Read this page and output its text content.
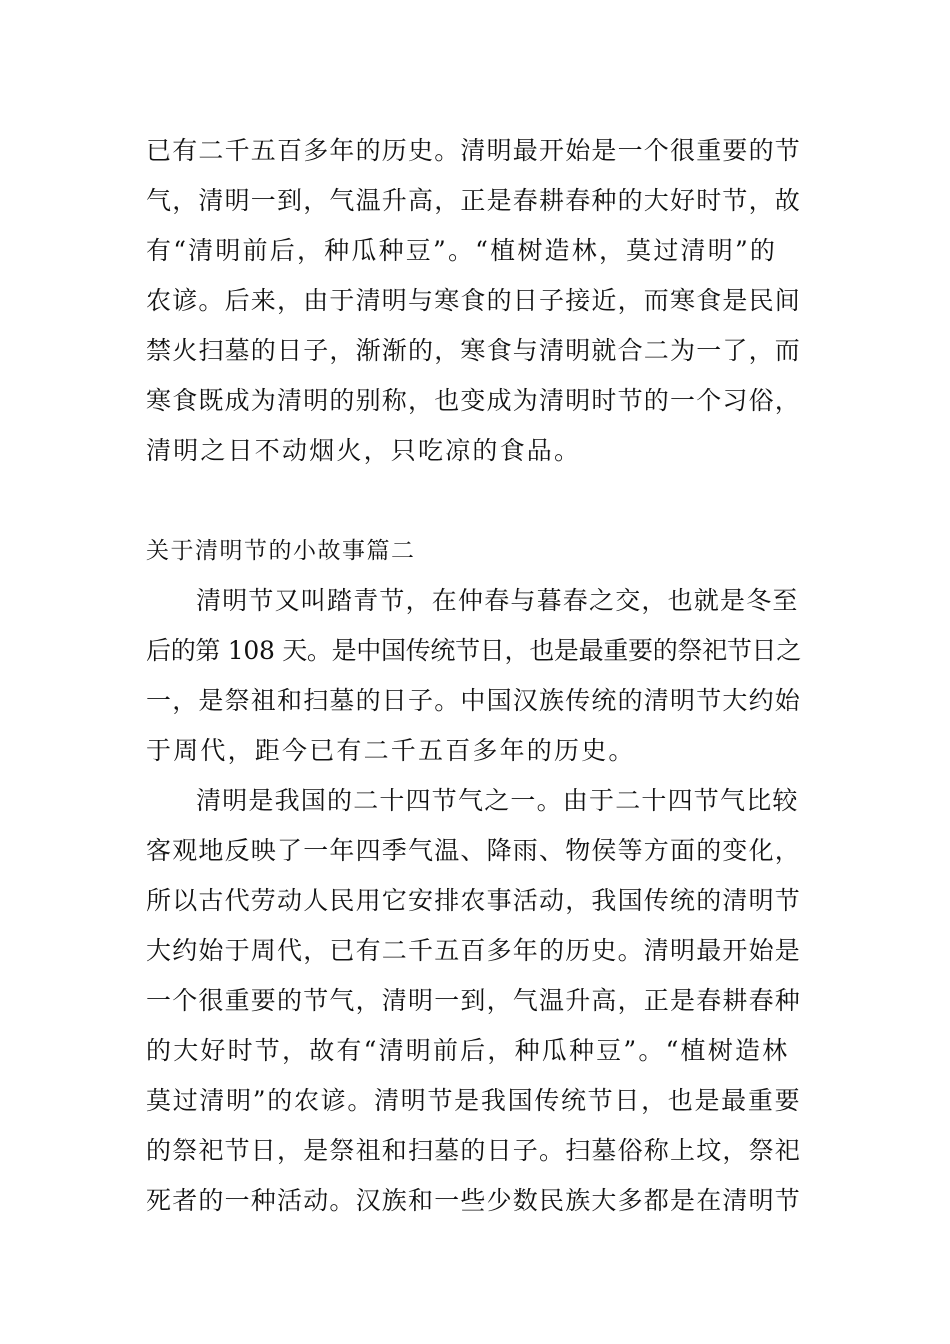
已有二千五百多年的历史。清明最开始是一个很重要的节
气，清明一到，气温升高，正是春耕春种的大好时节，故
有“清明前后，种瓜种豆”。“植树造林，莫过清明”的
农谚。后来，由于清明与寒食的日子接近，而寒食是民间
禁火扫墓的日子，渐渐的，寒食与清明就合二为一了，而
寒食既成为清明的别称，也变成为清明时节的一个习俗，
清明之日不动烟火，只吃凉的食品。
关于清明节的小故事篇二
清明节又叫踏青节，在仲春与暮春之交，也就是冬至
后的第 108 天。是中国传统节日，也是最重要的祭祀节日之
一，是祭祖和扫墓的日子。中国汉族传统的清明节大约始
于周代，距今已有二千五百多年的历史。
清明是我国的二十四节气之一。由于二十四节气比较
客观地反映了一年四季气温、降雨、物侯等方面的变化，
所以古代劳动人民用它安排农事活动，我国传统的清明节
大约始于周代，已有二千五百多年的历史。清明最开始是
一个很重要的节气，清明一到，气温升高，正是春耕春种
的大好时节，故有“清明前后，种瓜种豆”。“植树造林
莫过清明”的农谚。清明节是我国传统节日，也是最重要
的祭祀节日，是祭祖和扫墓的日子。扫墓俗称上坟，祭祀
死者的一种活动。汉族和一些少数民族大多都是在清明节
